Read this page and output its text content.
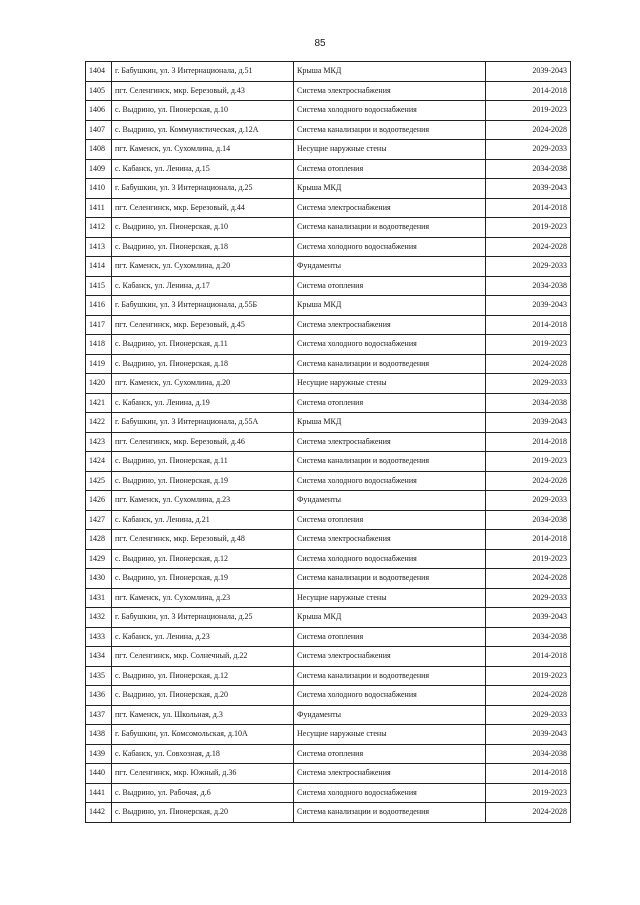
85
1404	г. Бабушкин, ул. 3 Интернационала, д.51	Крыша МКД	2039-2043
1405	пгт. Селенгинск, мкр. Березовый, д.43	Система электроснабжения	2014-2018
1406	с. Выдрино, ул. Пионерская, д.10	Система холодного водоснабжения	2019-2023
1407	с. Выдрино, ул. Коммунистическая, д.12А	Система канализации и водоотведения	2024-2028
1408	пгт. Каменск, ул. Сухомлина, д.14	Несущие наружные стены	2029-2033
1409	с. Кабанск, ул. Ленина, д.15	Система отопления	2034-2038
1410	г. Бабушкин, ул. 3 Интернационала, д.25	Крыша МКД	2039-2043
1411	пгт. Селенгинск, мкр. Березовый, д.44	Система электроснабжения	2014-2018
1412	с. Выдрино, ул. Пионерская, д.10	Система канализации и водоотведения	2019-2023
1413	с. Выдрино, ул. Пионерская, д.18	Система холодного водоснабжения	2024-2028
1414	пгт. Каменск, ул. Сухомлина, д.20	Фундаменты	2029-2033
1415	с. Кабанск, ул. Ленина, д.17	Система отопления	2034-2038
1416	г. Бабушкин, ул. 3 Интернационала, д.55Б	Крыша МКД	2039-2043
1417	пгт. Селенгинск, мкр. Березовый, д.45	Система электроснабжения	2014-2018
1418	с. Выдрино, ул. Пионерская, д.11	Система холодного водоснабжения	2019-2023
1419	с. Выдрино, ул. Пионерская, д.18	Система канализации и водоотведения	2024-2028
1420	пгт. Каменск, ул. Сухомлина, д.20	Несущие наружные стены	2029-2033
1421	с. Кабанск, ул. Ленина, д.19	Система отопления	2034-2038
1422	г. Бабушкин, ул. 3 Интернационала, д.55А	Крыша МКД	2039-2043
1423	пгт. Селенгинск, мкр. Березовый, д.46	Система электроснабжения	2014-2018
1424	с. Выдрино, ул. Пионерская, д.11	Система канализации и водоотведения	2019-2023
1425	с. Выдрино, ул. Пионерская, д.19	Система холодного водоснабжения	2024-2028
1426	пгт. Каменск, ул. Сухомлина, д.23	Фундаменты	2029-2033
1427	с. Кабанск, ул. Ленина, д.21	Система отопления	2034-2038
1428	пгт. Селенгинск, мкр. Березовый, д.48	Система электроснабжения	2014-2018
1429	с. Выдрино, ул. Пионерская, д.12	Система холодного водоснабжения	2019-2023
1430	с. Выдрино, ул. Пионерская, д.19	Система канализации и водоотведения	2024-2028
1431	пгт. Каменск, ул. Сухомлина, д.23	Несущие наружные стены	2029-2033
1432	г. Бабушкин, ул. 3 Интернационала, д.25	Крыша МКД	2039-2043
1433	с. Кабанск, ул. Ленина, д.23	Система отопления	2034-2038
1434	пгт. Селенгинск, мкр. Солнечный, д.22	Система электроснабжения	2014-2018
1435	с. Выдрино, ул. Пионерская, д.12	Система канализации и водоотведения	2019-2023
1436	с. Выдрино, ул. Пионерская, д.20	Система холодного водоснабжения	2024-2028
1437	пгт. Каменск, ул. Школьная, д.3	Фундаменты	2029-2033
1438	г. Бабушкин, ул. Комсомольская, д.10А	Несущие наружные стены	2039-2043
1439	с. Кабанск, ул. Совхозная, д.18	Система отопления	2034-2038
1440	пгт. Селенгинск, мкр. Южный, д.36	Система электроснабжения	2014-2018
1441	с. Выдрино, ул. Рабочая, д.6	Система холодного водоснабжения	2019-2023
1442	с. Выдрино, ул. Пионерская, д.20	Система канализации и водоотведения	2024-2028
